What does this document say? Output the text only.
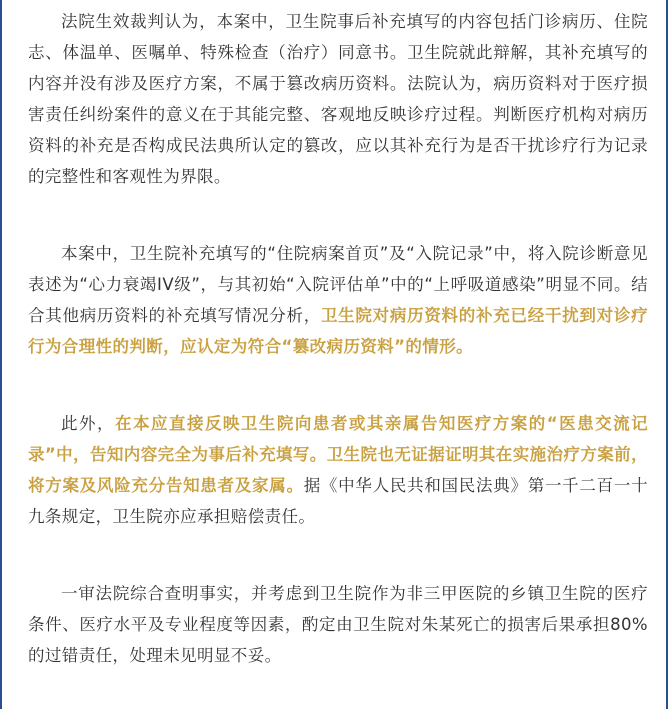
法院生效裁判认为，本案中，卫生院事后补充填写的内容包括门诊病历、住院志、体温单、医嘱单、特殊检查（治疗）同意书。卫生院就此辩解，其补充填写的内容并没有涉及医疗方案，不属于篡改病历资料。法院认为，病历资料对于医疗损害责任纠纷案件的意义在于其能完整、客观地反映诊疗过程。判断医疗机构对病历资料的补充是否构成民法典所认定的篡改，应以其补充行为是否干扰诊疗行为记录的完整性和客观性为界限。

本案中，卫生院补充填写的“住院病案首页”及“入院记录”中，将入院诊断意见表述为“心力衰竭IV级”，与其初始“入院评估单”中的“上呼吸道感染”明显不同。结合其他病历资料的补充填写情况分析，卫生院对病历资料的补充已经干扰到对诊疗行为合理性的判断，应认定为符合“篡改病历资料”的情形。

此外，在本应直接反映卫生院向患者或其亲属告知医疗方案的“医患交流记录”中，告知内容完全为事后补充填写。卫生院也无证据证明其在实施治疗方案前，将方案及风险充分告知患者及家属。据《中华人民共和国民法典》第一千二百一十九条规定，卫生院亦应承担赔偿责任。

一审法院综合查明事实，并考虑到卫生院作为非三甲医院的乡镇卫生院的医疗条件、医疗水平及专业程度等因素，酌定由卫生院对朱某死亡的损害后果承担80%的过错责任，处理未见明显不妥。
